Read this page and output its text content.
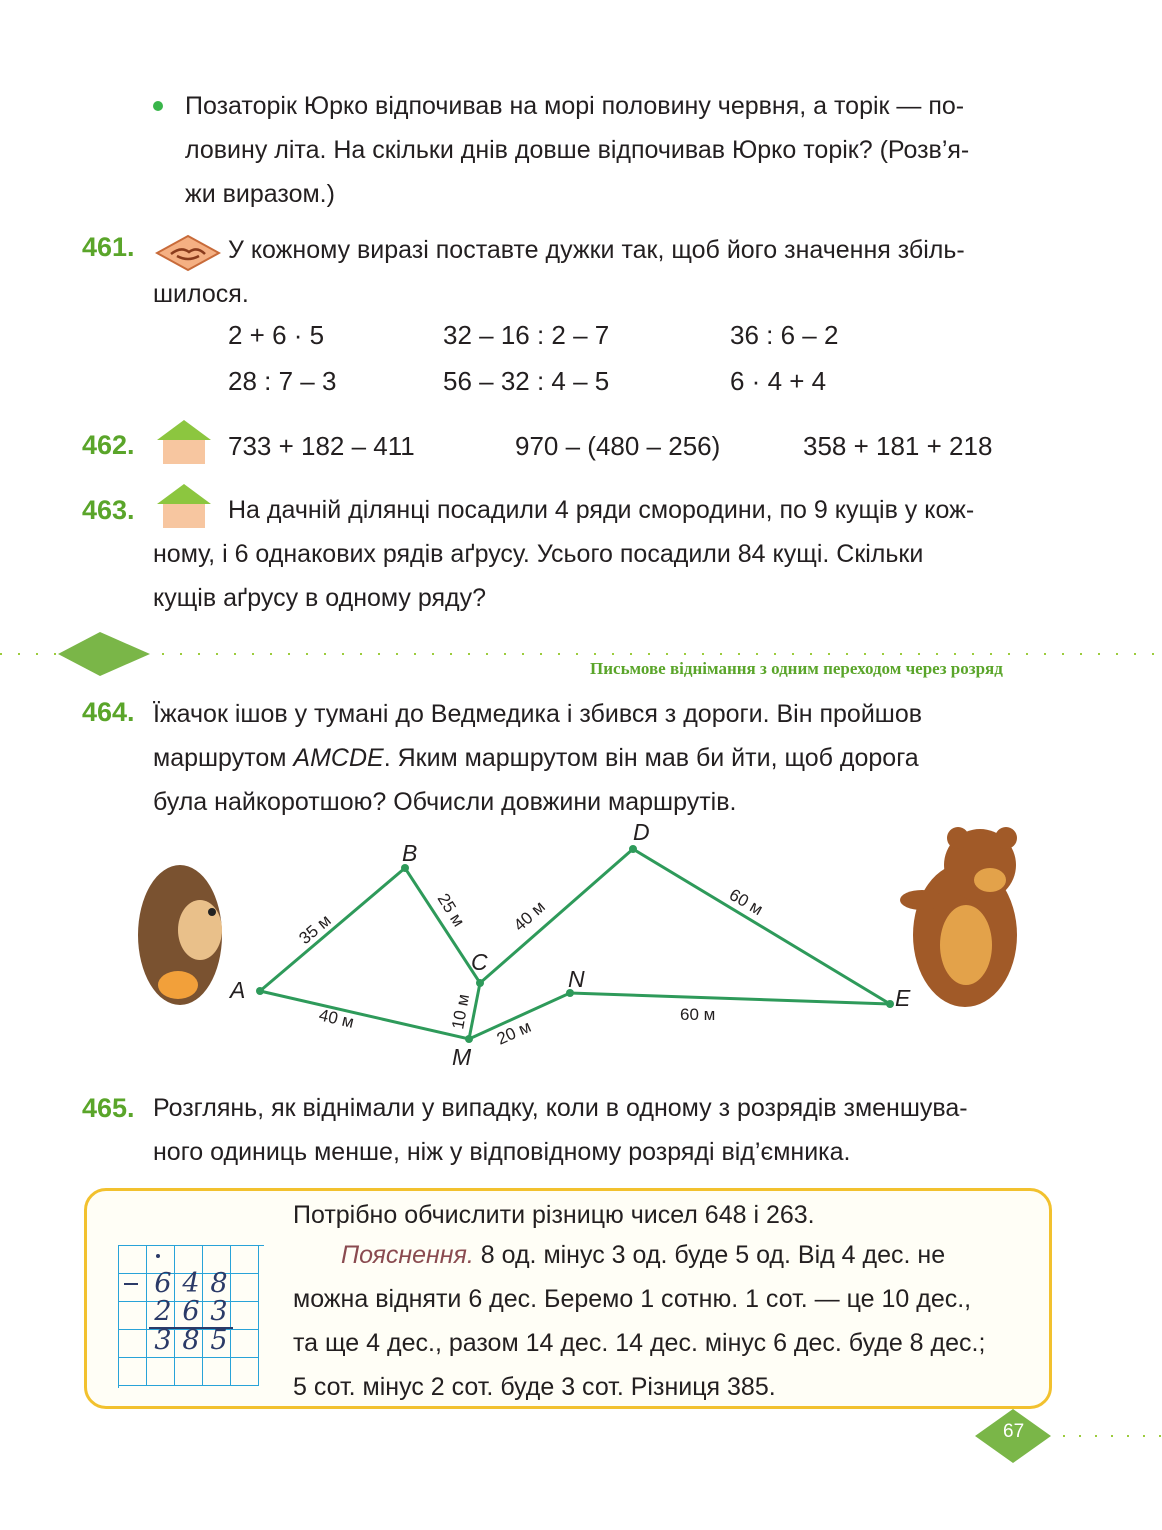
Позаторік Юрко відпочивав на морі половину червня, а торік — по-
ловину літа. На скільки днів довше відпочивав Юрко торік? (Розв’я-
жи виразом.)
461.	У кожному виразі поставте дужки так, щоб його значення збіль-
шилося.
2 + 6 · 5	32 – 16 : 2 – 7	36 : 6 – 2
28 : 7 – 3	56 – 32 : 4 – 5	6 · 4 + 4
462.	733 + 182 – 411	970 – (480 – 256)	358 + 181 + 218
463.	На дачній ділянці посадили 4 ряди смородини, по 9 кущів у кож-
ному, і 6 однакових рядів аґрусу. Усього посадили 84 кущі. Скільки
кущів аґрусу в одному ряду?
Письмове віднімання з одним переходом через розряд
464. Їжачок ішов у тумані до Ведмедика і збився з дороги. Він пройшов
маршрутом AMCDE. Яким маршрутом він мав би йти, щоб дорога
була найкоротшою? Обчисли довжини маршрутів.
A
B
C
D
E
M
N
35 м	25 м 40 м	60 м
40 м	10 м
20 м
60 м
465. Розглянь, як віднімали у випадку, коли в одному з розрядів зменшува-
ного одиниць менше, ніж у відповідному розряді від’ємника.
Потрібно обчислити різницю чисел 648 і 263.
6 4 8
2 6 3
3 8 5
Пояснення. 8 од. мінус 3 од. буде 5 од. Від 4 дес. не
можна відняти 6 дес. Беремо 1 сотню. 1 сот. — це 10 дес.,
та ще 4 дес., разом 14 дес. 14 дес. мінус 6 дес. буде 8 дес.;
5 сот. мінус 2 сот. буде 3 сот. Різниця 385.
67
